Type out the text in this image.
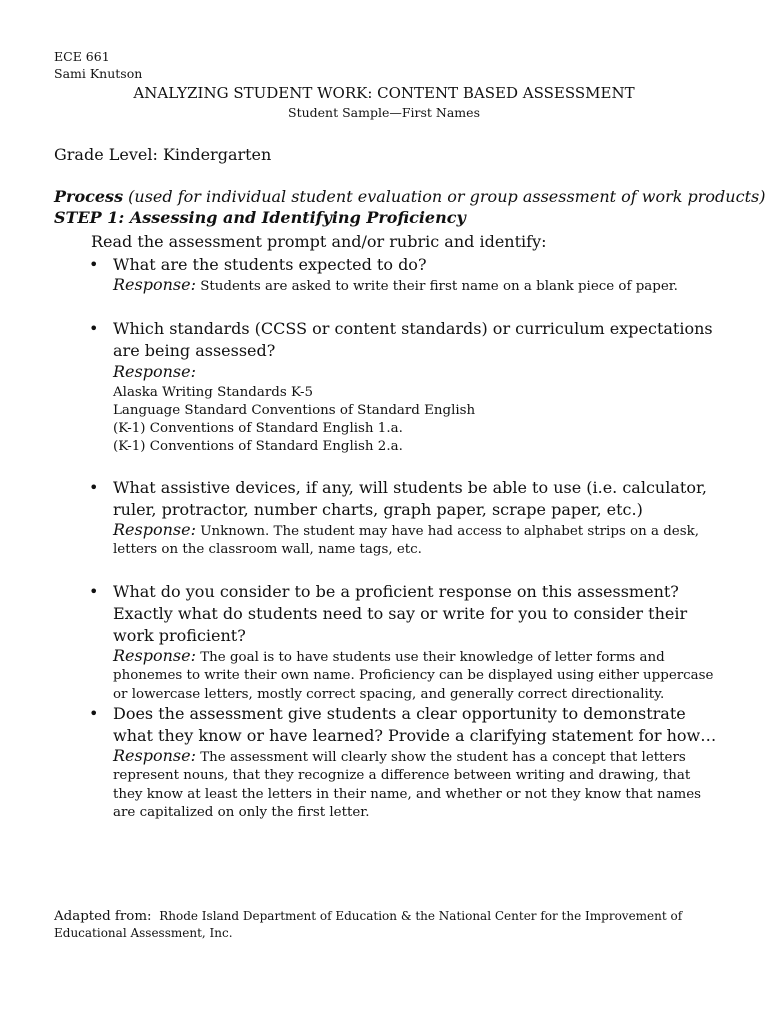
ECE 661
Sami Knutson
ANALYZING STUDENT WORK: CONTENT BASED ASSESSMENT
Student Sample—First Names
Grade Level: Kindergarten
Process (used for individual student evaluation or group assessment of work products)
STEP 1: Assessing and Identifying Proficiency
Read the assessment prompt and/or rubric and identify:
• What are the students expected to do?

Response: Students are asked to write their first name on a blank piece of paper.

• Which standards (CCSS or content standards) or curriculum expectations are being assessed?

Response:

Alaska Writing Standards K-5

Language Standard Conventions of Standard English

(K-1) Conventions of Standard English 1.a.

(K-1) Conventions of Standard English 2.a.

• What assistive devices, if any, will students be able to use (i.e. calculator, ruler, protractor, number charts, graph paper, scrape paper, etc.)

Response: Unknown. The student may have had access to alphabet strips on a desk, letters on the classroom wall, name tags, etc.

• What do you consider to be a proficient response on this assessment? Exactly what do students need to say or write for you to consider their work proficient?

Response: The goal is to have students use their knowledge of letter forms and phonemes to write their own name. Proficiency can be displayed using either uppercase or lowercase letters, mostly correct spacing, and generally correct directionality.

• Does the assessment give students a clear opportunity to demonstrate what they know or have learned? Provide a clarifying statement for how…

Response: The assessment will clearly show the student has a concept that letters represent nouns, that they recognize a difference between writing and drawing, that they know at least the letters in their name, and whether or not they know that names are capitalized on only the first letter.

Adapted from: Rhode Island Department of Education & the National Center for the Improvement of Educational Assessment, Inc.
